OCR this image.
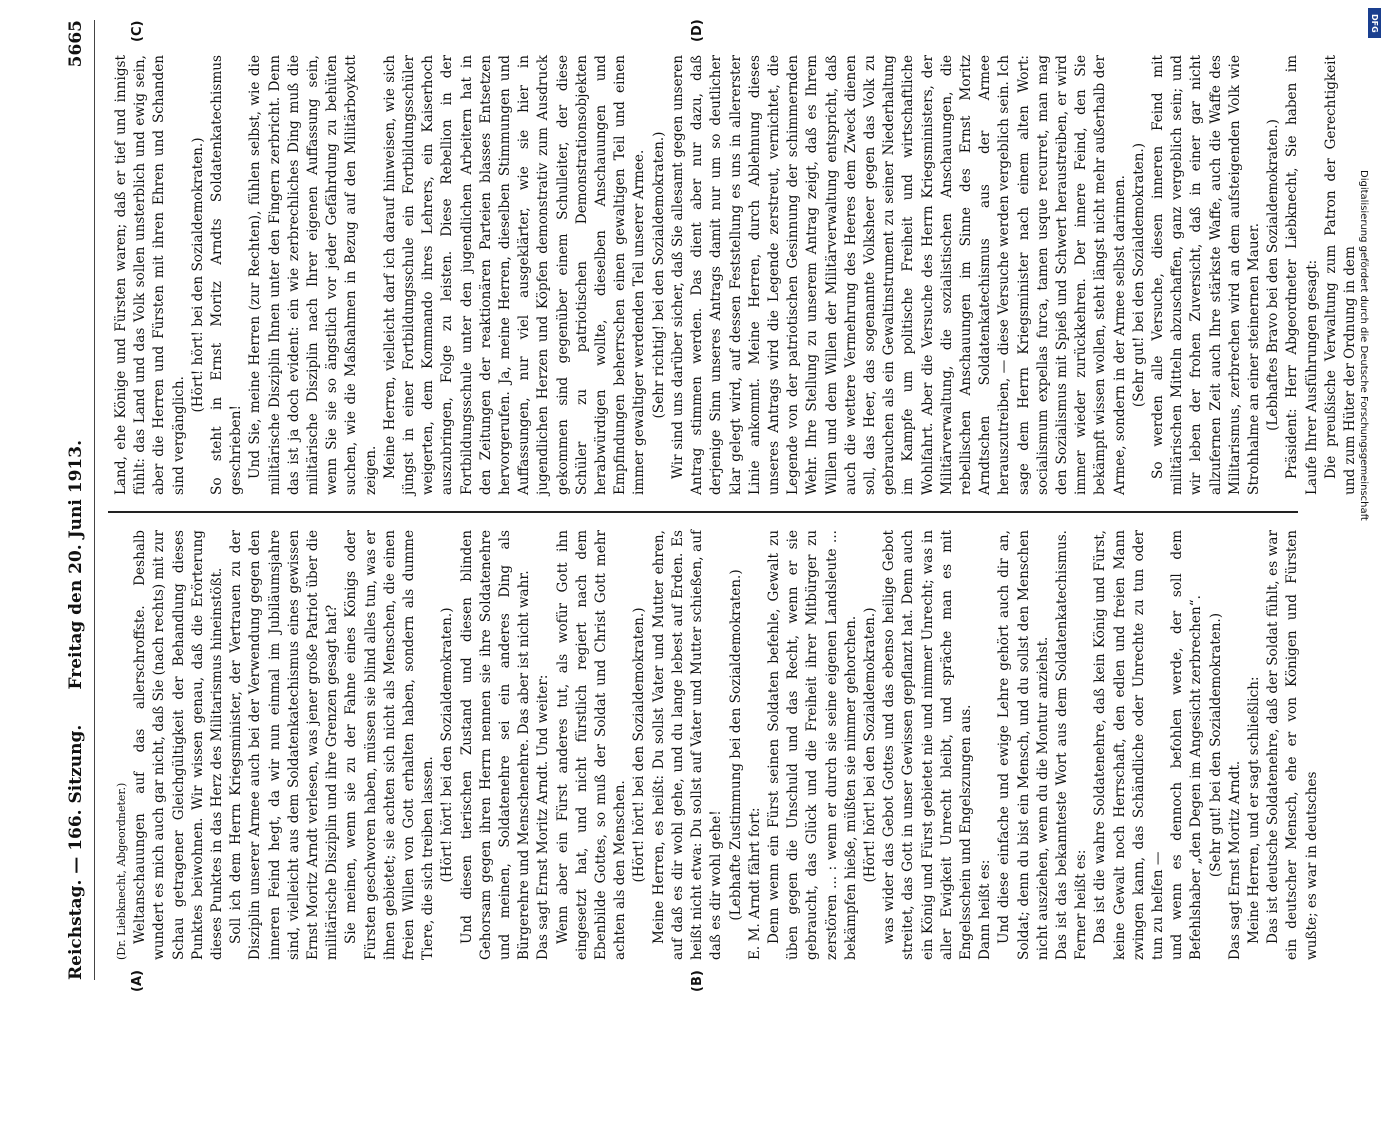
Reichstag. — 166. Sitzung.
Freitag den 20. Juni 1913.
5665
(A)	(B)
(C)	(D)

(Dr. Liebknecht, Abgeordneter.) Weltanschauungen auf das allerschroffste. Deshalb wundert es mich auch gar nicht, daß Sie (nach rechts) mit zur Schau getragener Gleichgültigkeit der Behandlung dieses Punktes beiwohnen. Wir wissen genau, daß die Erörterung dieses Punktes in das Herz des Militarismus hineinstößt. Soll ich dem Herrn Kriegsminister, der Vertrauen zu der Disziplin unserer Armee auch bei der Verwendung gegen den inneren Feind hegt, da wir nun einmal im Jubiläumsjahre sind, vielleicht aus dem Soldatenkatechismus eines gewissen Ernst Moritz Arndt verlesen, was jener große Patriot über die militärische Disziplin und ihre Grenzen gesagt hat? Sie meinen, wenn sie zu der Fahne eines Königs oder Fürsten geschworen haben, müssen sie blind alles tun, was er ihnen gebietet; sie achten sich nicht als Menschen, die einen freien Willen von Gott erhalten haben, sondern als dumme Tiere, die sich treiben lassen. (Hört! hört! bei den Sozialdemokraten.) Und diesen tierischen Zustand und diesen blinden Gehorsam gegen ihren Herrn nennen sie ihre Soldatenehre und meinen, Soldatenehre sei ein anderes Ding als Bürgerehre und Menschenehre. Das aber ist nicht wahr. Das sagt Ernst Moritz Arndt. Und weiter: Wenn aber ein Fürst anderes tut, als wofür Gott ihn eingesetzt hat, und nicht fürstlich regiert nach dem Ebenbilde Gottes, so muß der Soldat und Christ Gott mehr achten als den Menschen. (Hört! hört! bei den Sozialdemokraten.) Meine Herren, es heißt: Du sollst Vater und Mutter ehren, auf daß es dir wohl gehe, und du lange lebest auf Erden. Es heißt nicht etwa: Du sollst auf Vater und Mutter schießen, auf daß es dir wohl gehe! (Lebhafte Zustimmung bei den Sozialdemokraten.) E. M. Arndt fährt fort: Denn wenn ein Fürst seinen Soldaten befehle, Gewalt zu üben gegen die Unschuld und das Recht, wenn er sie gebraucht, das Glück und die Freiheit ihrer Mitbürger zu zerstören ... : wenn er durch sie seine eigenen Landsleute ... bekämpfen hieße, müßten sie nimmer gehorchen. (Hört! hört! bei den Sozialdemokraten.) was wider das Gebot Gottes und das ebenso heilige Gebot streitet, das Gott in unser Gewissen gepflanzt hat. Denn auch ein König und Fürst gebietet nie und nimmer Unrecht; was in aller Ewigkeit Unrecht bleibt, und spräche man es mit Engelsschein und Engelszungen aus. Dann heißt es: Und diese einfache und ewige Lehre gehört auch dir an, Soldat; denn du bist ein Mensch, und du sollst den Menschen nicht ausziehen, wenn du die Montur anziehst. Das ist das bekannteste Wort aus dem Soldatenkatechismus. Ferner heißt es: Das ist die wahre Soldatenehre, daß kein König und Fürst, keine Gewalt noch Herrschaft, den edlen und freien Mann zwingen kann, das Schändliche oder Unrechte zu tun oder tun zu helfen — und wenn es dennoch befohlen werde, der soll dem Befehlshaber „den Degen im Angesicht zerbrechen“. (Sehr gut! bei den Sozialdemokraten.) Das sagt Ernst Moritz Arndt. Meine Herren, und er sagt schließlich: Das ist deutsche Soldatenehre, daß der Soldat fühlt, es war ein deutscher Mensch, ehe er von Königen und Fürsten wußte; es war in deutsches

Land, ehe Könige und Fürsten waren; daß er tief und innigst fühlt: das Land und das Volk sollen unsterblich und ewig sein, aber die Herren und Fürsten mit ihren Ehren und Schanden sind vergänglich.

(Hört! hört! bei den Sozialdemokraten.) So steht in Ernst Moritz Arndts Soldatenkatechismus geschrieben! Und Sie, meine Herren (zur Rechten), fühlen selbst, wie die militärische Disziplin Ihnen unter den Fingern zerbricht. Denn das ist ja doch evident: ein wie zerbrechliches Ding muß die militärische Disziplin nach Ihrer eigenen Auffassung sein, wenn Sie sie so ängstlich vor jeder Gefährdung zu behüten suchen, wie die Maßnahmen in Bezug auf den Militärboykott zeigen. Meine Herren, vielleicht darf ich darauf hinweisen, wie sich jüngst in einer Fortbildungsschule ein Fortbildungsschüler weigerten, dem Kommando ihres Lehrers, ein Kaiserhoch auszubringen, Folge zu leisten. Diese Rebellion in der Fortbildungsschule unter den jugendlichen Arbeitern hat in den Zeitungen der reaktionären Parteien blasses Entsetzen hervorgerufen. Ja, meine Herren, dieselben Stimmungen und Auffassungen, nur viel ausgeklärter, wie sie hier in jugendlichen Herzen und Köpfen demonstrativ zum Ausdruck gekommen sind gegenüber einem Schulleiter, der diese Schüler zu patriotischen Demonstrationsobjekten herabwürdigen wollte, dieselben Anschauungen und Empfindungen beherrschen einen gewaltigen Teil und einen immer gewaltiger werdenden Teil unserer Armee. (Sehr richtig! bei den Sozialdemokraten.) Wir sind uns darüber sicher, daß Sie allesamt gegen unseren Antrag stimmen werden. Das dient aber nur dazu, daß derjenige Sinn unseres Antrags damit nur um so deutlicher klar gelegt wird, auf dessen Feststellung es uns in allererster Linie ankommt. Meine Herren, durch Ablehnung dieses unseres Antrags wird die Legende zerstreut, vernichtet, die Legende von der patriotischen Gesinnung der schimmernden Wehr. Ihre Stellung zu unserem Antrag zeigt, daß es Ihrem Willen und dem Willen der Militärverwaltung entspricht, daß auch die wettere Vermehrung des Heeres dem Zweck dienen soll, das Heer, das sogenannte Volksheer gegen das Volk zu gebrauchen als ein Gewaltinstrument zu seiner Niederhaltung im Kampfe um politische Freiheit und wirtschaftliche Wohlfahrt. Aber die Versuche des Herrn Kriegsministers, der Militärverwaltung, die sozialistischen Anschauungen, die rebellischen Anschauungen im Sinne des Ernst Moritz Arndtschen Soldatenkatechismus aus der Armee herauszutreiben, — diese Versuche werden vergeblich sein. Ich sage dem Herrn Kriegsminister nach einem alten Wort: socialismum expellas furca, tamen usque recurret, man mag den Sozialismus mit Spieß und Schwert heraustreiben, er wird immer wieder zurückkehren. Der innere Feind, den Sie bekämpft wissen wollen, steht längst nicht mehr außerhalb der Armee, sondern in der Armee selbst darinnen. (Sehr gut! bei den Sozialdemokraten.) So werden alle Versuche, diesen inneren Feind mit militärischen Mitteln abzuschaffen, ganz vergeblich sein; und wir leben der frohen Zuversicht, daß in einer gar nicht allzufernen Zeit auch Ihre stärkste Waffe, auch die Waffe des Militarismus, zerbrechen wird an dem aufsteigenden Volk wie Strohhalme an einer steinernen Mauer. (Lebhaftes Bravo bei den Sozialdemokraten.) Präsident: Herr Abgeordneter Liebknecht, Sie haben im Laufe Ihrer Ausführungen gesagt: Die preußische Verwaltung zum Patron der Gerechtigkeit und zum Hüter der Ordnung in dem

DFG
Digitalisierung gefördert durch die Deutsche Forschungsgemeinschaft
